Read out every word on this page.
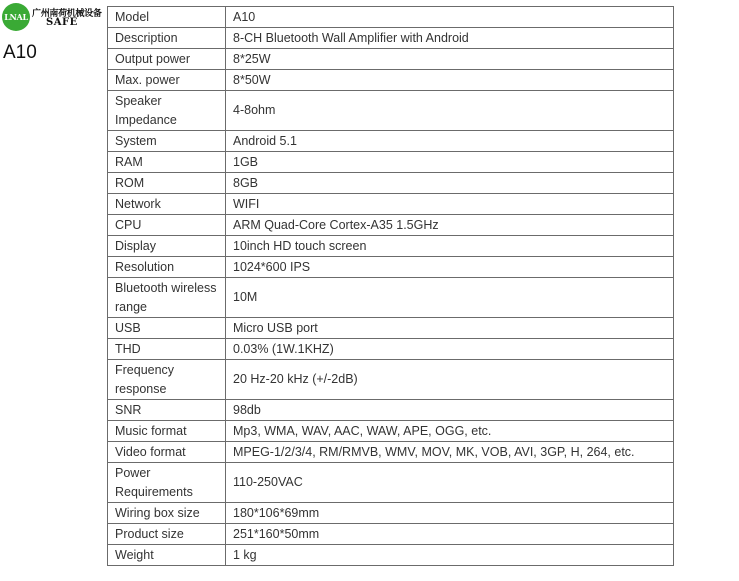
LNAL 广州南荷机械设备
SAFE
A10
Model	A10
Description	8-CH Bluetooth Wall Amplifier with Android
Output power	8*25W
Max. power	8*50W
Speaker Impedance	4-8ohm
System	Android 5.1
RAM	1GB
ROM	8GB
Network	WIFI
CPU	ARM Quad-Core Cortex-A35 1.5GHz
Display	10inch HD touch screen
Resolution	1024*600 IPS
Bluetooth wireless range	10M
USB	Micro USB port
THD	0.03% (1W.1KHZ)
Frequency response	20 Hz-20 kHz (+/-2dB)
SNR	98db
Music format	Mp3, WMA, WAV, AAC, WAW, APE, OGG, etc.
Video format	MPEG-1/2/3/4, RM/RMVB, WMV, MOV, MK, VOB, AVI, 3GP, H, 264, etc.
Power Requirements	110-250VAC
Wiring box size	180*106*69mm
Product size	251*160*50mm
Weight	1 kg
